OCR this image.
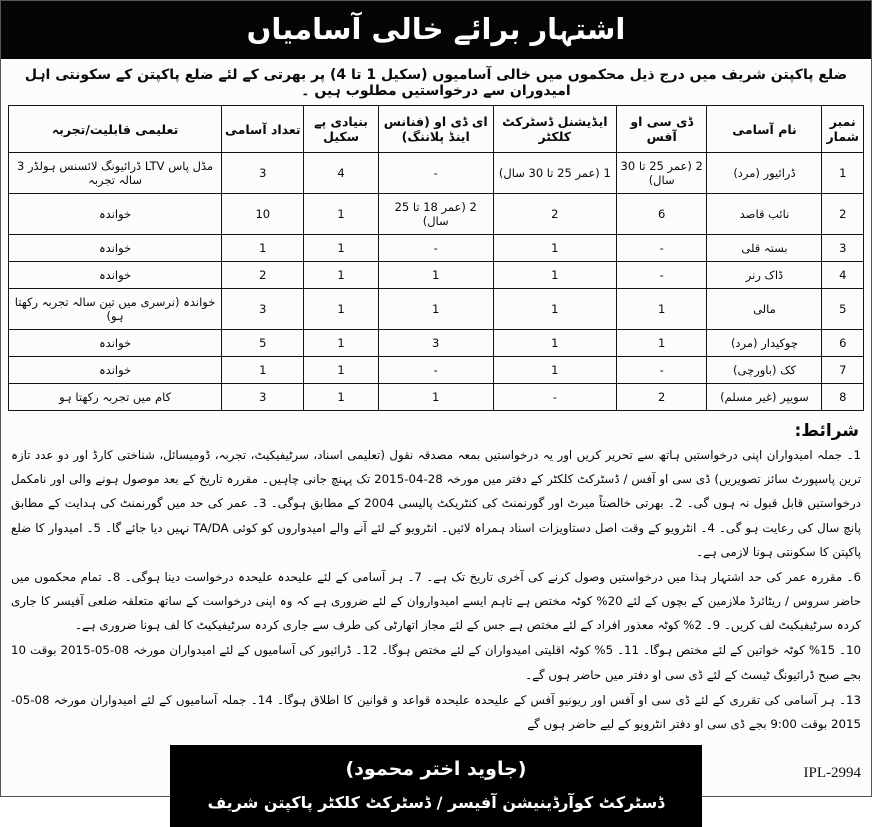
اشتہار برائے خالی آسامیاں

ضلع پاکپتن شریف میں درج ذیل محکموں میں خالی آسامیوں (سکیل 1 تا 4) پر بھرتی کے لئے ضلع پاکپتن کے سکونتی اہل امیدوران سے درخواستیں مطلوب ہیں ۔

نمبر شمار	نام آسامی	ڈی سی او آفس	ایڈیشنل ڈسٹرکٹ کلکٹر	ای ڈی او (فنانس اینڈ پلاننگ)	بنیادی پے سکیل	تعداد آسامی	تعلیمی قابلیت/تجربہ
1	ڈرائیور (مرد)	2 (عمر 25 تا 30 سال)	1 (عمر 25 تا 30 سال)	-	4	3	مڈل پاس LTV ڈرائیونگ لائسنس ہولڈر 3 سالہ تجربہ
2	نائب قاصد	6	2	2 (عمر 18 تا 25 سال)	1	10	خواندہ
3	بستہ قلی	-	1	-	1	1	خواندہ
4	ڈاک رنر	-	1	1	1	2	خواندہ
5	مالی	1	1	1	1	3	خواندہ (نرسری میں تین سالہ تجربہ رکھتا ہو)
6	چوکیدار (مرد)	1	1	3	1	5	خواندہ
7	کک (باورچی)	-	1	-	1	1	خواندہ
8	سویپر (غیر مسلم)	2	-	1	1	3	کام میں تجربہ رکھتا ہو
شرائط:

1۔ جملہ امیدواران اپنی درخواستیں ہاتھ سے تحریر کریں اور یہ درخواستیں بمعہ مصدقہ نقول (تعلیمی اسناد، سرٹیفیکیٹ، تجربہ، ڈومیسائل، شناختی کارڈ اور دو عدد تازہ ترین پاسپورٹ سائز تصویریں) ڈی سی او آفس / ڈسٹرکٹ کلکٹر کے دفتر میں مورخہ 28-04-2015 تک پہنچ جانی چاہیں۔ مقررہ تاریخ کے بعد موصول ہونے والی اور نامکمل درخواستیں قابل قبول نہ ہوں گی۔ 2۔ بھرتی خالصتاً میرٹ اور گورنمنٹ کی کنٹریکٹ پالیسی 2004 کے مطابق ہوگی۔ 3۔ عمر کی حد میں گورنمنٹ کی ہدایت کے مطابق پانچ سال کی رعایت ہو گی۔ 4۔ انٹرویو کے وقت اصل دستاویزات اسناد ہمراہ لائیں۔ انٹرویو کے لئے آنے والے امیدواروں کو کوئی TA/DA نہیں دیا جائے گا۔ 5۔ امیدوار کا ضلع پاکپتن کا سکونتی ہونا لازمی ہے۔

6۔ مقررہ عمر کی حد اشتہار ہذا میں درخواستیں وصول کرنے کی آخری تاریخ تک ہے۔ 7۔ ہر آسامی کے لئے علیحدہ علیحدہ درخواست دینا ہوگی۔ 8۔ تمام محکموں میں حاضر سروس / ریٹائرڈ ملازمین کے بچوں کے لئے 20% کوٹہ مختص ہے تاہم ایسے امیدواروان کے لئے ضروری ہے کہ وہ اپنی درخواست کے ساتھ متعلقہ ضلعی آفیسر کا جاری کردہ سرٹیفیکیٹ لف کریں۔ 9۔ 2% کوٹہ معذور افراد کے لئے مختص ہے جس کے لئے مجاز اتھارٹی کی طرف سے جاری کردہ سرٹیفیکیٹ کا لف ہونا ضروری ہے۔

10۔ 15% کوٹہ خواتین کے لئے مختص ہوگا۔ 11۔ 5% کوٹہ اقلیتی امیدواران کے لئے مختص ہوگا۔ 12۔ ڈرائیور کی آسامیوں کے لئے امیدواران مورخہ 08-05-2015 بوقت 10 بجے صبح ڈرائیونگ ٹیسٹ کے لئے ڈی سی او دفتر میں حاضر ہوں گے۔

13۔ ہر آسامی کی تقرری کے لئے ڈی سی او آفس اور ریونیو آفس کے علیحدہ علیحدہ قواعد و قوانین کا اطلاق ہوگا۔ 14۔ جملہ آسامیوں کے لئے امیدواران مورخہ 08-05-2015 بوقت 9:00 بجے ڈی سی او دفتر انٹرویو کے لیے حاضر ہوں گے

(جاوید اختر محمود)
ڈسٹرکٹ کوآرڈینیشن آفیسر / ڈسٹرکٹ کلکٹر پاکپتن شریف
IPL-2994
